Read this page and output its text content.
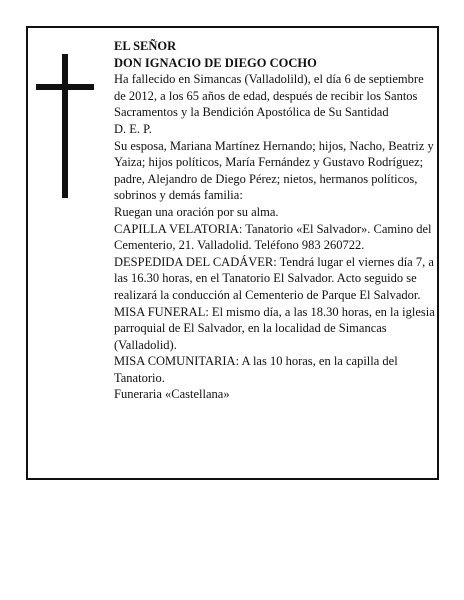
EL SEÑOR

DON IGNACIO DE DIEGO COCHO

Ha fallecido en Simancas (Valladolild), el día 6 de septiembre de 2012, a los 65 años de edad, después de recibir los Santos Sacramentos y la Bendición Apostólica de Su Santidad

D. E. P.

Su esposa, Mariana Martínez Hernando; hijos, Nacho, Beatriz y Yaiza; hijos políticos, María Fernández y Gustavo Rodríguez; padre, Alejandro de Diego Pérez; nietos, hermanos políticos, sobrinos y demás familia:

Ruegan una oración por su alma.

CAPILLA VELATORIA: Tanatorio «El Salvador». Camino del Cementerio, 21. Valladolid. Teléfono 983 260722.

DESPEDIDA DEL CADÁVER: Tendrá lugar el viernes día 7, a las 16.30 horas, en el Tanatorio El Salvador. Acto seguido se realizará la conducción al Cementerio de Parque El Salvador.

MISA FUNERAL: El mismo día, a las 18.30 horas, en la iglesia parroquial de El Salvador, en la localidad de Simancas (Valladolid).

MISA COMUNITARIA: A las 10 horas, en la capilla del Tanatorio.

Funeraria «Castellana»
